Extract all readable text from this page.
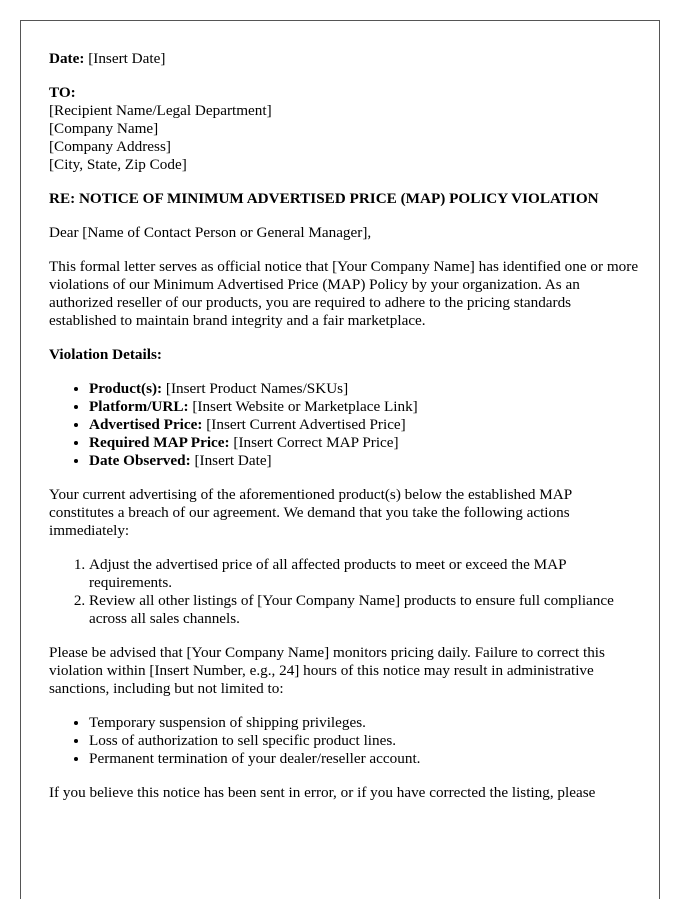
Date: [Insert Date]

TO:

[Recipient Name/Legal Department]

[Company Name]

[Company Address]

[City, State, Zip Code]

RE: NOTICE OF MINIMUM ADVERTISED PRICE (MAP) POLICY VIOLATION

Dear [Name of Contact Person or General Manager],

This formal letter serves as official notice that [Your Company Name] has identified one or more violations of our Minimum Advertised Price (MAP) Policy by your organization. As an authorized reseller of our products, you are required to adhere to the pricing standards established to maintain brand integrity and a fair marketplace.

Violation Details:

• Product(s): [Insert Product Names/SKUs]
• Platform/URL: [Insert Website or Marketplace Link]
• Advertised Price: [Insert Current Advertised Price]
• Required MAP Price: [Insert Correct MAP Price]
• Date Observed: [Insert Date]

Your current advertising of the aforementioned product(s) below the established MAP constitutes a breach of our agreement. We demand that you take the following actions immediately:

1. Adjust the advertised price of all affected products to meet or exceed the MAP requirements.
2. Review all other listings of [Your Company Name] products to ensure full compliance across all sales channels.

Please be advised that [Your Company Name] monitors pricing daily. Failure to correct this violation within [Insert Number, e.g., 24] hours of this notice may result in administrative sanctions, including but not limited to:

• Temporary suspension of shipping privileges.
• Loss of authorization to sell specific product lines.
• Permanent termination of your dealer/reseller account.

If you believe this notice has been sent in error, or if you have corrected the listing, please
